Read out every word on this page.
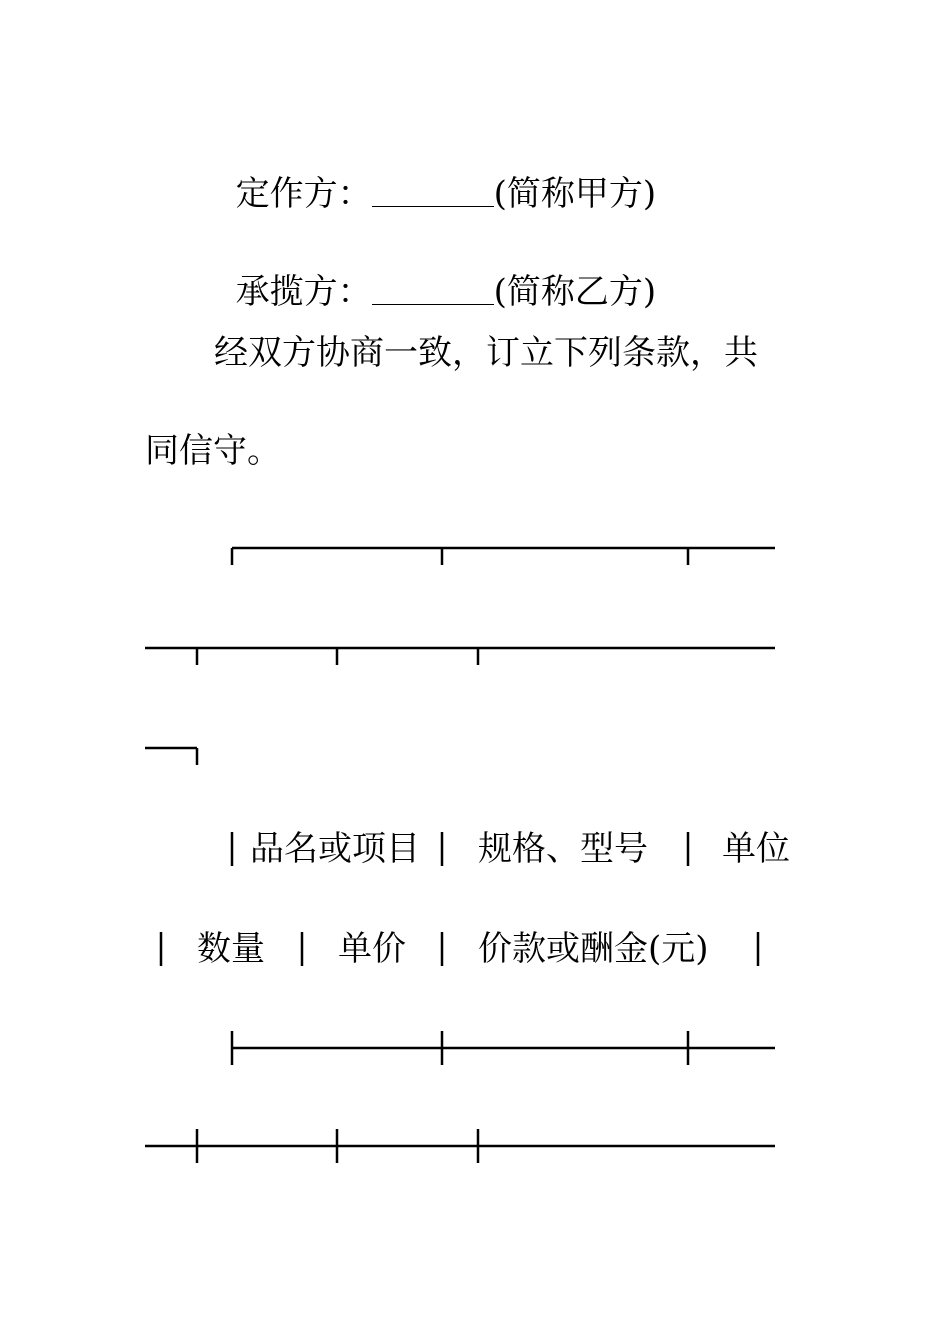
定作方：	(简称甲方)

承揽方：	(简称乙方)

经双方协商一致，订立下列条款，共
同信守。
品名或项目 规格、型号 单位
数量 单价 价款或酬金(元)
